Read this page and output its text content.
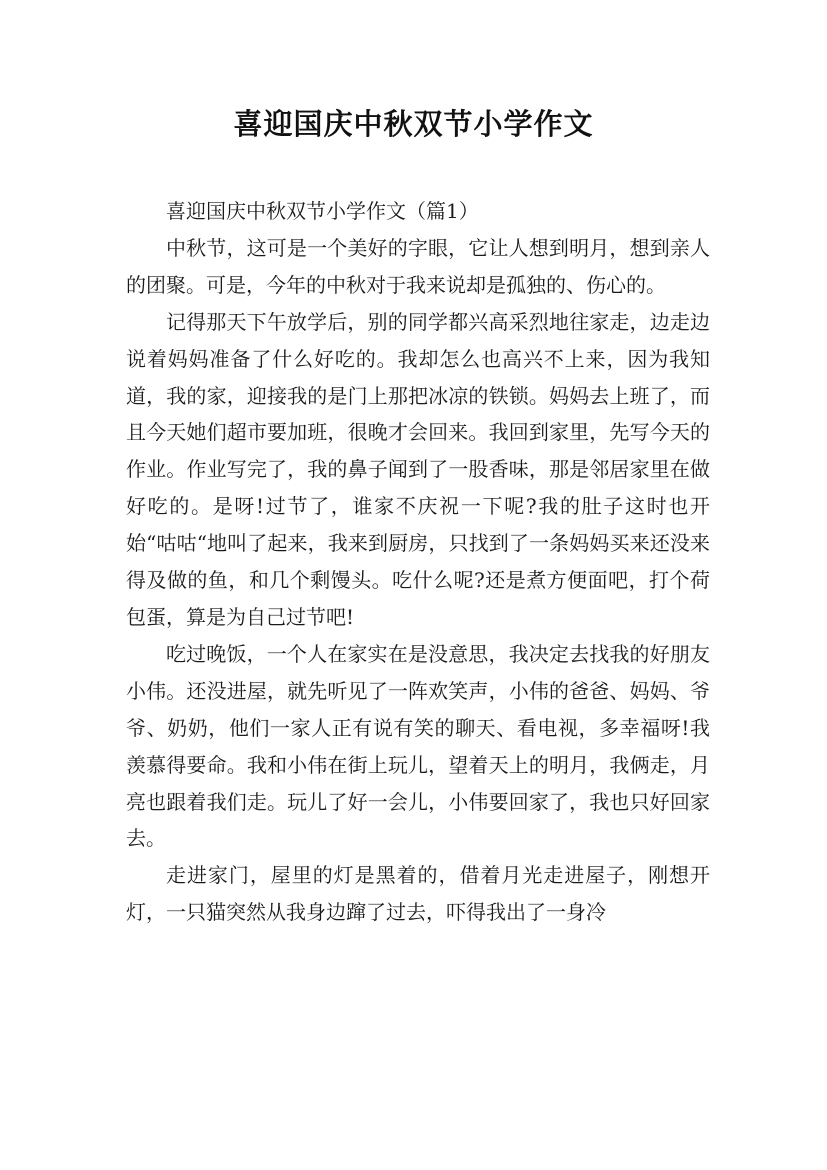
喜迎国庆中秋双节小学作文

喜迎国庆中秋双节小学作文（篇1）

中秋节，这可是一个美好的字眼，它让人想到明月，想到亲人的团聚。可是，今年的中秋对于我来说却是孤独的、伤心的。

记得那天下午放学后，别的同学都兴高采烈地往家走，边走边说着妈妈准备了什么好吃的。我却怎么也高兴不上来，因为我知道，我的家，迎接我的是门上那把冰凉的铁锁。妈妈去上班了，而且今天她们超市要加班，很晚才会回来。我回到家里，先写今天的作业。作业写完了，我的鼻子闻到了一股香味，那是邻居家里在做好吃的。是呀!过节了，谁家不庆祝一下呢?我的肚子这时也开始“咕咕“地叫了起来，我来到厨房，只找到了一条妈妈买来还没来得及做的鱼，和几个剩馒头。吃什么呢?还是煮方便面吧，打个荷包蛋，算是为自己过节吧!

吃过晚饭，一个人在家实在是没意思，我决定去找我的好朋友小伟。还没进屋，就先听见了一阵欢笑声，小伟的爸爸、妈妈、爷爷、奶奶，他们一家人正有说有笑的聊天、看电视，多幸福呀!我羡慕得要命。我和小伟在街上玩儿，望着天上的明月，我俩走，月亮也跟着我们走。玩儿了好一会儿，小伟要回家了，我也只好回家去。

走进家门，屋里的灯是黑着的，借着月光走进屋子，刚想开灯，一只猫突然从我身边蹿了过去，吓得我出了一身冷
